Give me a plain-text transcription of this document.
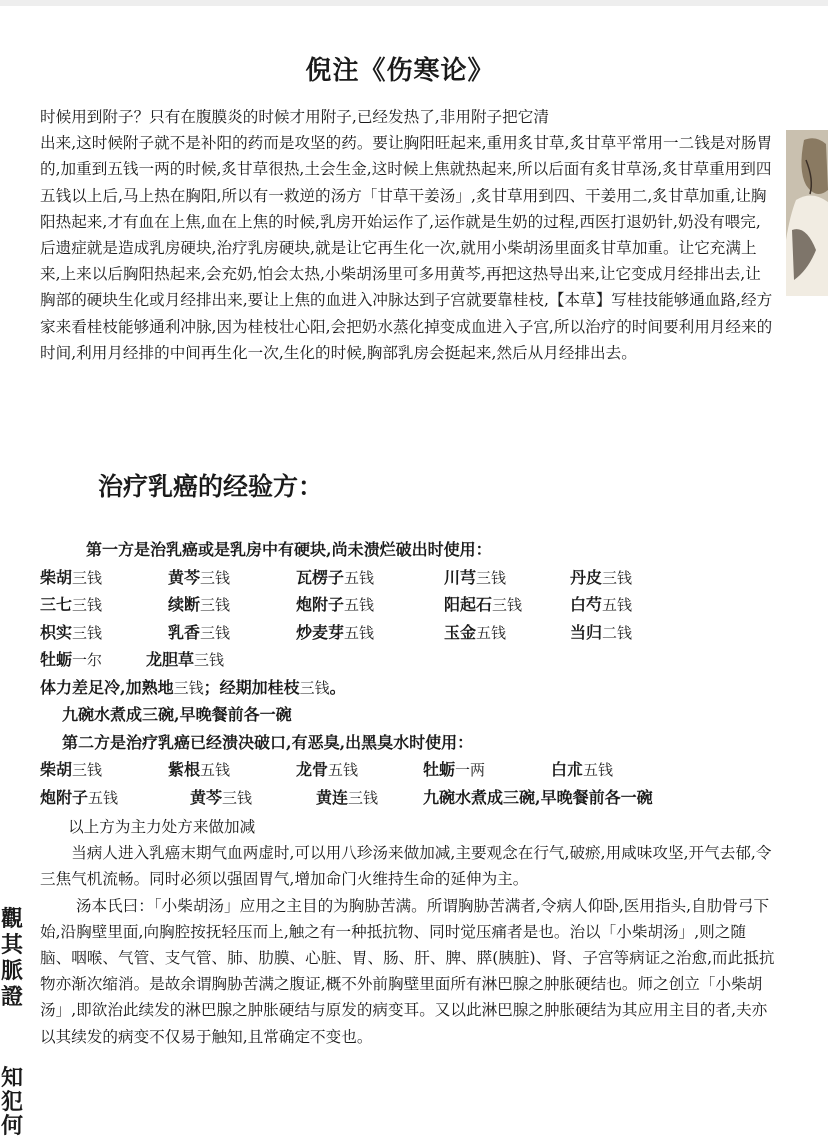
倪注《伤寒论》
时候用到附子？只有在腹膜炎的时候才用附子,已经发热了,非用附子把它清
出来,这时候附子就不是补阳的药而是攻坚的药。要让胸阳旺起来,重用炙甘草,炙甘草平常用一二钱是对肠胃的,加重到五钱一两的时候,炙甘草很热,土会生金,这时候上焦就热起来,所以后面有炙甘草汤,炙甘草重用到四五钱以上后,马上热在胸阳,所以有一救逆的汤方「甘草干姜汤」,炙甘草用到四、干姜用二,炙甘草加重,让胸阳热起来,才有血在上焦,血在上焦的时候,乳房开始运作了,运作就是生奶的过程,西医打退奶针,奶没有喂完,后遗症就是造成乳房硬块,治疗乳房硬块,就是让它再生化一次,就用小柴胡汤里面炙甘草加重。让它充满上来,上来以后胸阳热起来,会充奶,怕会太热,小柴胡汤里可多用黄芩,再把这热导出来,让它变成月经排出去,让胸部的硬块生化或月经排出来,要让上焦的血进入冲脉达到子宫就要靠桂枝,【本草】写桂技能够通血路,经方家来看桂枝能够通利冲脉,因为桂枝壮心阳,会把奶水蒸化掉变成血进入子宫,所以治疗的时间要利用月经来的时间,利用月经排的中间再生化一次,生化的时候,胸部乳房会挺起来,然后从月经排出去。
治疗乳癌的经验方：
第一方是治乳癌或是乳房中有硬块,尚未溃烂破出时使用：
柴胡三钱	黄芩三钱	瓦楞子五钱	川芎三钱	丹皮三钱
三七三钱	续断三钱	炮附子五钱	阳起石三钱	白芍五钱
枳实三钱	乳香三钱	炒麦芽五钱	玉金五钱	当归二钱
牡蛎一尔	龙胆草三钱
体力差足冷,加熟地三钱；经期加桂枝三钱。
九碗水煮成三碗,早晚餐前各一碗
第二方是治疗乳癌已经溃决破口,有恶臭,出黑臭水时使用：
柴胡三钱	紫根五钱	龙骨五钱	牡蛎一两	白朮五钱
炮附子五钱	黄芩三钱	黄连三钱	九碗水煮成三碗,早晚餐前各一碗

以上方为主力处方来做加减

当病人进入乳癌末期气血两虚时,可以用八珍汤来做加减,主要观念在行气,破瘀,用咸味攻坚,开气去郁,令三焦气机流畅。同时必须以强固胃气,增加命门火维持生命的延伸为主。

汤本氏曰：「小柴胡汤」应用之主目的为胸胁苦满。所谓胸胁苦满者,令病人仰卧,医用指头,自肋骨弓下始,沿胸壁里面,向胸腔按抚轻压而上,触之有一种抵抗物、同时觉压痛者是也。治以「小柴胡汤」,则之随脑、咽喉、气管、支气管、肺、肋膜、心脏、胃、肠、肝、脾、膵(胰脏)、肾、子宫等病证之治愈,而此抵抗物亦渐次缩消。是故余谓胸胁苦满之腹证,概不外前胸壁里面所有淋巴腺之肿胀硬结也。师之创立「小柴胡汤」,即欲治此续发的淋巴腺之肿胀硬结与原发的病变耳。又以此淋巴腺之肿胀硬结为其应用主目的者,夫亦以其续发的病变不仅易于触知,且常确定不变也。

觀
其
脈
證
知
犯
何
